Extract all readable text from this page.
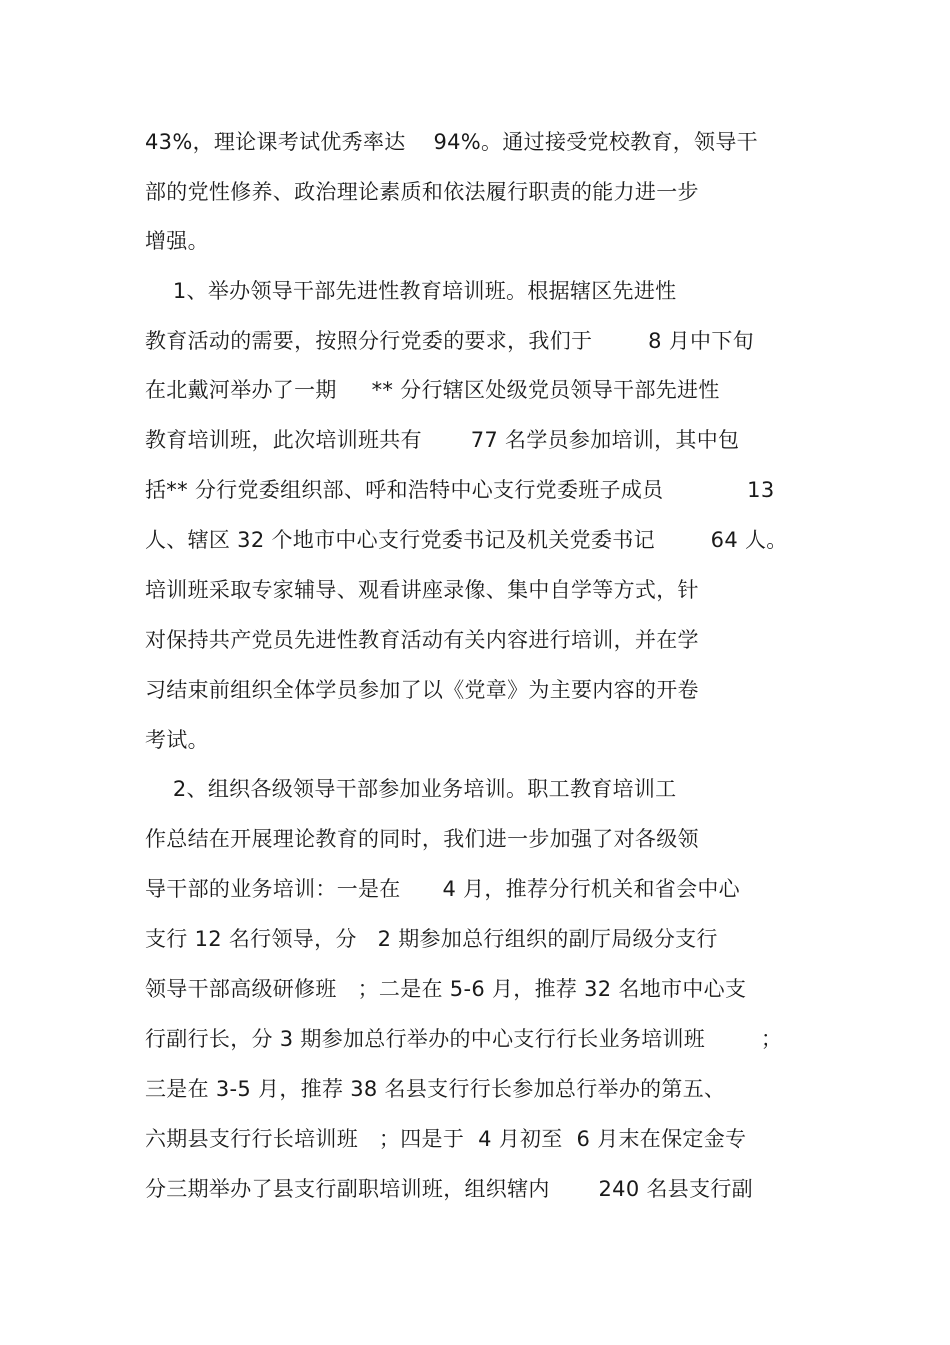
43%，理论课考试优秀率达    94%。通过接受党校教育，领导干
部的党性修养、政治理论素质和依法履行职责的能力进一步
增强。
1、举办领导干部先进性教育培训班。根据辖区先进性
教育活动的需要，按照分行党委的要求，我们于        8 月中下旬
在北戴河举办了一期     ** 分行辖区处级党员领导干部先进性
教育培训班，此次培训班共有       77 名学员参加培训，其中包
括** 分行党委组织部、呼和浩特中心支行党委班子成员            13
人、辖区 32 个地市中心支行党委书记及机关党委书记        64 人。
培训班采取专家辅导、观看讲座录像、集中自学等方式，针
对保持共产党员先进性教育活动有关内容进行培训，并在学
习结束前组织全体学员参加了以《党章》为主要内容的开卷
考试。
2、组织各级领导干部参加业务培训。职工教育培训工
作总结在开展理论教育的同时，我们进一步加强了对各级领
导干部的业务培训：一是在      4 月，推荐分行机关和省会中心
支行 12 名行领导，分   2 期参加总行组织的副厅局级分支行
领导干部高级研修班   ；二是在 5-6 月，推荐 32 名地市中心支
行副行长，分 3 期参加总行举办的中心支行行长业务培训班        ；
三是在 3-5 月，推荐 38 名县支行行长参加总行举办的第五、
六期县支行行长培训班   ；四是于  4 月初至  6 月末在保定金专
分三期举办了县支行副职培训班，组织辖内       240 名县支行副
